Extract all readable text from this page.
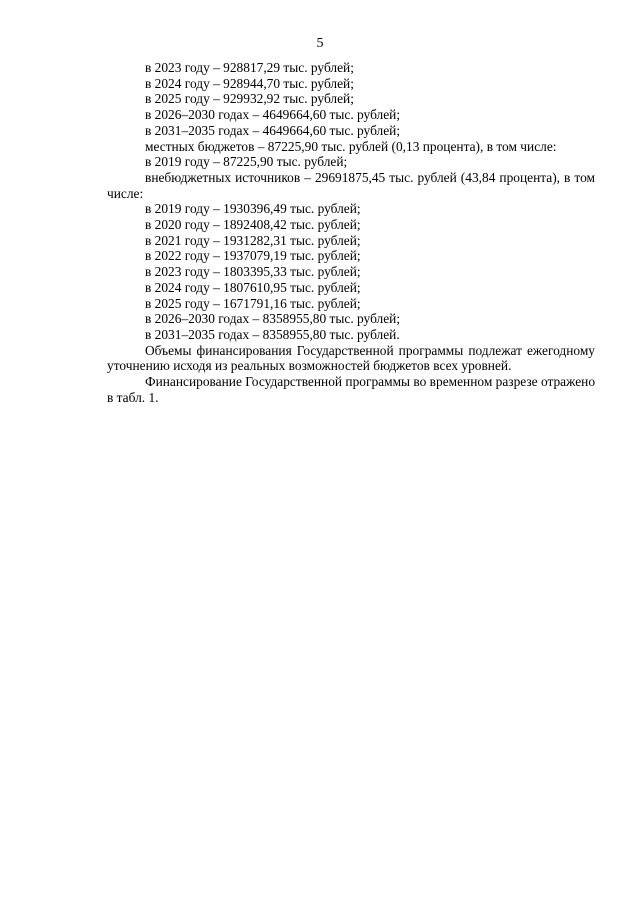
5
в 2023 году – 928817,29 тыс. рублей;
в 2024 году – 928944,70 тыс. рублей;
в 2025 году – 929932,92 тыс. рублей;
в 2026–2030 годах – 4649664,60 тыс. рублей;
в 2031–2035 годах – 4649664,60 тыс. рублей;
местных бюджетов – 87225,90 тыс. рублей (0,13 процента), в том числе:
в 2019 году – 87225,90 тыс. рублей;

внебюджетных источников – 29691875,45 тыс. рублей (43,84 процента), в том числе:

в 2019 году – 1930396,49 тыс. рублей;
в 2020 году – 1892408,42 тыс. рублей;
в 2021 году – 1931282,31 тыс. рублей;
в 2022 году – 1937079,19 тыс. рублей;
в 2023 году – 1803395,33 тыс. рублей;
в 2024 году – 1807610,95 тыс. рублей;
в 2025 году – 1671791,16 тыс. рублей;
в 2026–2030 годах – 8358955,80 тыс. рублей;
в 2031–2035 годах – 8358955,80 тыс. рублей.

Объемы финансирования Государственной программы подлежат ежегодному уточнению исходя из реальных возможностей бюджетов всех уровней.

Финансирование Государственной программы во временном разрезе отражено в табл. 1.
